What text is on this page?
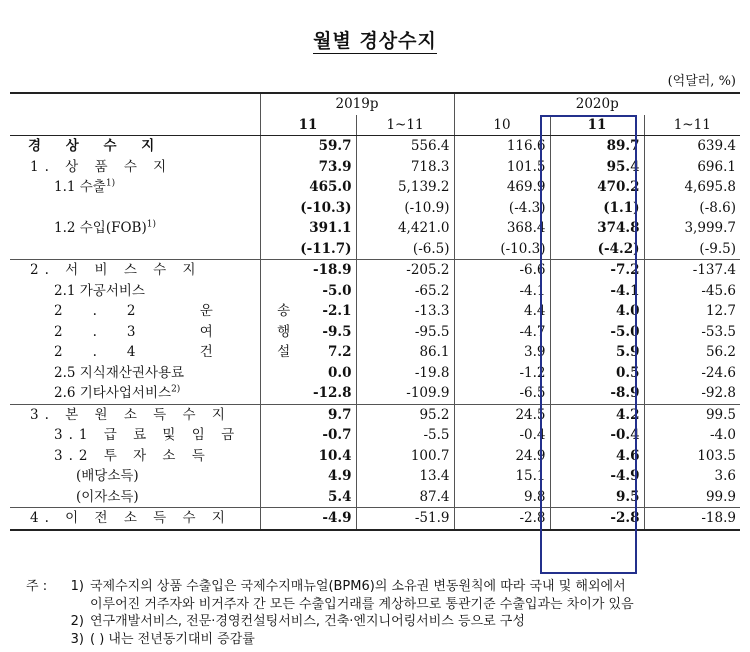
월별 경상수지
(억달러, %)
	2019p		2020p		
	11	1~11	10	11	1~11
경 상 수 지	59.7	556.4	116.6	89.7	639.4
1. 상 품 수 지	73.9	718.3	101.5	95.4	696.1
1.1 수출$^{1)}$	465.0	5,139.2	469.9	470.2	4,695.8
	(-10.3)	(-10.9)	(-4.3)	(1.1)	(-8.6)
1.2 수입(FOB)$^{1)}$	391.1	4,421.0	368.4	374.8	3,999.7
	(-11.7)	(-6.5)	(-10.3)	(-4.2)	(-9.5)
2. 서 비 스 수 지	-18.9	-205.2	-6.6	-7.2	-137.4
2.1 가공서비스	-5.0	-65.2	-4.1	-4.1	-45.6
2.2 운 송	-2.1	-13.3	4.4	4.0	12.7
2.3 여 행	-9.5	-95.5	-4.7	-5.0	-53.5
2.4 건 설	7.2	86.1	3.9	5.9	56.2
2.5 지식재산권사용료	0.0	-19.8	-1.2	0.5	-24.6
2.6 기타사업서비스$^{2)}$	-12.8	-109.9	-6.5	-8.9	-92.8
3. 본 원 소 득 수 지	9.7	95.2	24.5	4.2	99.5
3.1 급 료 및 임 금	-0.7	-5.5	-0.4	-0.4	-4.0
3.2 투 자 소 득	10.4	100.7	24.9	4.6	103.5
(배당소득)	4.9	13.4	15.1	-4.9	3.6
(이자소득)	5.4	87.4	9.8	9.5	99.9
4. 이 전 소 득 수 지	-4.9	-51.9	-2.8	-2.8	-18.9
주 :	1) 국제수지의 상품 수출입은 국제수지매뉴얼(BPM6)의 소유권 변동원칙에 따라 국내 및 해외에서
이루어진 거주자와 비거주자 간 모든 수출입거래를 계상하므로 통관기준 수출입과는 차이가 있음
2) 연구개발서비스, 전문·경영컨설팅서비스, 건축·엔지니어링서비스 등으로 구성
3) ( ) 내는 전년동기대비 증감률
